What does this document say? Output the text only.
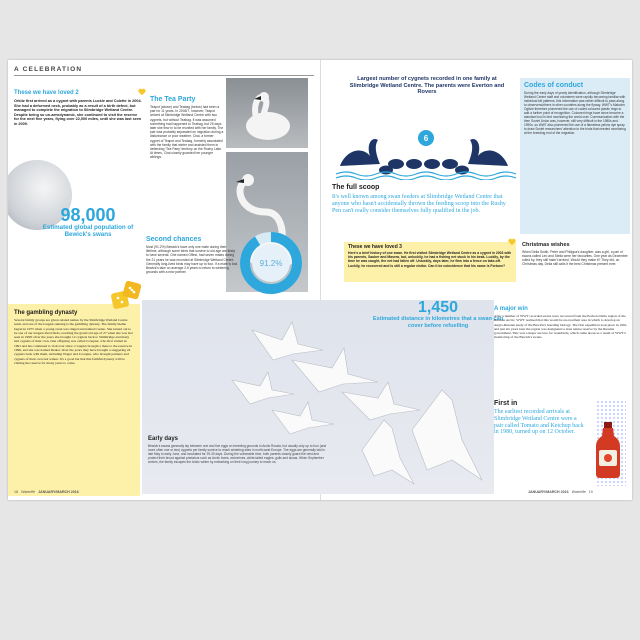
A CELEBRATION
These we have loved 2
Orkitz first arrived as a cygnet with parents Luckie and Colette in 2004. She had a deformed neck, probably as a result of a birth defect, but managed to complete the migration to Slimbridge Wetland Centre. Despite being so un-aerodynamic, she continued to visit the reserve for the next five years, flying over 22,000 miles, until she was last seen in 2009.
98,000
Estimated global population of Bewick's swans
The Tea Party
Teapot (above) and Teabag (below) had been a pair for 11 years. In 2006/7, however, Teapot arrived at Slimbridge Wetland Centre with two cygnets, but without Teabag. It was assumed something had happened to Teabag, but 25 days later she flew in to be reunited with her family. The pair was probably separated on migration during a disturbance or poor weather. Chai, a former cygnet of Teapot and Teabag, formerly associated with the family that winter and assisted them in defending 'Tea Party' territory on the Rushy Lake. At times, Chai closely guarded her younger siblings.
Second chances
Most (91.2%) Bewick's have only one mate during their lifetime, although some birds that survive to old age are likely to have several. One named Offest, had seven mates during the 21 years he was recorded at Slimbridge Wetland Centre. Generally long-lived birds may have up to four. If a mate is lost, Bewick's take on average 2.6 years to return to wintering grounds with a new partner.
91.2%
The gambling dynasty
Several family groups are given related names by the Slimbridge Wetland Centre team, and one of the longest-running is the gambling dynasty. The family theme began in 1975 when a young swan was ringed and named Casino. She turned out to be one of our longest-lived birds, reaching the grand old age of 27 when she was last seen in 1998. Over the years she brought 12 cygnets back to Slimbridge and many had cygnets of their own. One offspring was called Croupier, who first visited in 1991 and has continued to visit ever since. Croupier brought a mate to the reserve in 1996, and she was named Dealer. Over the years they have brought a staggering 24 cygnets back with them, including Wager and Croupier, who brought partners and cygnets of their own last winter. It's a good bet that this faithful dynasty will be visiting the reserve for many years to come.
Early days
Bewick's swans generally lay between one and five eggs on breeding grounds in Arctic Russia, but usually only up to four (and more often one or two) cygnets per family survive to reach wintering sites in north-west Europe. The eggs are generally laid in late May to early June, and incubated for 29-30 days. During the vulnerable time, both parents closely guard the nest and protect their brood against predators such as Arctic foxes, wolverines, white-tailed eagles, gulls and skuas. When September arrives, the family escapes the Arctic winter by embarking on their long journey to reach us.
18 Waterlife JANUARY/MARCH 2016
Largest number of cygnets recorded in one family at Slimbridge Wetland Centre. The parents were Everton and Rovers
6
Codes of conduct
During the early days of yearly identification, although Slimbridge Wetland Centre staff and volunteers were rapidly becoming familiar with individual bill patterns, this information was rather difficult to pass along to observers/others in other countries along the flyway. WWT's Malcolm Ogilvie therefore pioneered the use of coded coloured plastic rings to add a further point of recognition. Coloured rings have since become a standard tool in bird monitoring the world over. Communication with the then Soviet Union was, however, still very difficult in the 1980s and 1990s, so WWT also pioneered the use of a flameless yellow dye spray to draw Soviet researchers' attention to the birds that needed monitoring at the breeding end of the migration.
The full scoop
It's well known among swan feeders at Slimbridge Wetland Centre that anyone who hasn't accidentally thrown the feeding scoop into the Rushy Pen can't really consider themselves fully qualified in the job.
These we have loved 3
Here's a brief history of one swan. He first visited Slimbridge Wetland Centre as a cygnet in 2003 with his parents, Sauber and Masera, but, unluckily, he had a fishing net stuck in his beak. Luckily, by the time he was caught, the net had fallen off. Unluckily, days later, he flew into a fence on take-off. Luckily, he recovered and is still a regular visitor. Can it be coincidence that his name is Fortune?
Christmas wishes
When Delia Smith, Peter and Philippa's daughter, was a girl, a pair of swans called Leo and Stella were her favourites. One year as December rolled by, they still hadn't arrived. Would they make it? They did, on Christmas day. Delia still calls it the best Christmas present ever.
1,450
Estimated distance in kilometres that a swan can cover before refuelling
A major win
After a number of WWT recorded swans were recovered from the Pechora Delta region of the Russian Arctic, WWT realised that this would be an excellent area in which to develop an Anglo-Russian study of the Bewick's breeding biology. The first expedition took place in 1991, and just six years later the region was designated a state nature reserve by the Russian government. This was a major success for waterbirds, which came about as a result of WWT's monitoring of the Bewick's swans.
First in
The earliest recorded arrivals at Slimbridge Wetland Centre were a pair called Tomato and Ketchup back in 1980, turned up on 12 October.
JANUARY/MARCH 2016 Waterlife 19
